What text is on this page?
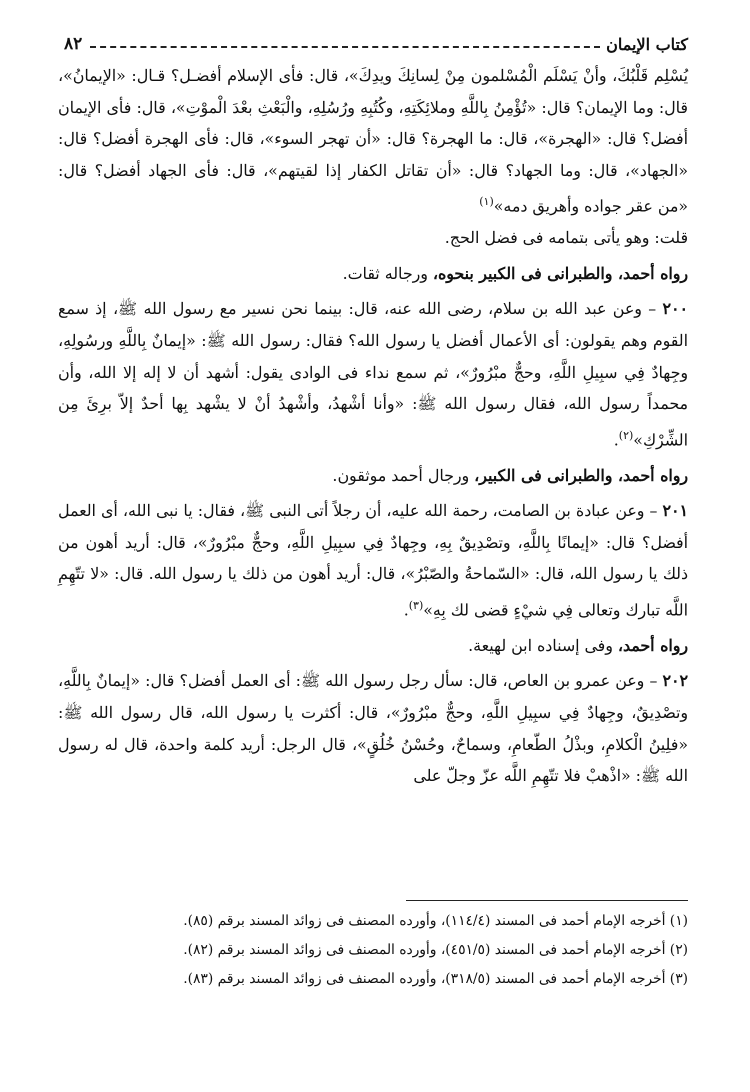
كتاب الإيمان
٨٢

يُسْلِم قَلْبُكَ، وأنْ يَسْلَم الْمُسْلمون مِنْ لِسانِكَ ويدِكَ»، قال: فأى الإسلام أفضـل؟ قـال: «الإيمانُ»، قال: وما الإيمان؟ قال: «تُؤْمِنُ بِاللَّهِ وملائِكَتِهِ، وكُتُبِهِ ورُسُلِهِ، والْبَعْثِ بعْدَ الْموْتِ»، قال: فأى الإيمان أفضل؟ قال: «الهجرة»، قال: ما الهجرة؟ قال: «أن تهجر السوء»، قال: فأى الهجرة أفضل؟ قال: «الجهاد»، قال: وما الجهاد؟ قال: «أن تقاتل الكفار إذا لقيتهم»، قال: فأى الجهاد أفضل؟ قال: «من عقر جواده وأهريق دمه»$^{(١)}$

قلت: وهو يأتى بتمامه فى فضل الحج.

رواه أحمد، والطبرانى فى الكبير بنحوه، ورجاله ثقات.

٢٠٠ – وعن عبد الله بن سلام، رضى الله عنه، قال: بينما نحن نسير مع رسول الله ﷺ، إذ سمع القوم وهم يقولون: أى الأعمال أفضل يا رسول الله؟ فقال: رسول الله ﷺ: «إيمانٌ بِاللَّهِ ورسُولِهِ، وجِهادٌ فِي سبِيلِ اللَّهِ، وحجٌّ مبْرُورٌ»، ثم سمع نداء فى الوادى يقول: أشهد أن لا إله إلا الله، وأن محمداً رسول الله، فقال رسول الله ﷺ: «وأنا أشْهدُ، وأشْهدُ أنْ لا يشْهد بِها أحدٌ إلاّ برِئَ مِن الشِّرْكِ»$^{(٢)}$.

رواه أحمد، والطبرانى فى الكبير، ورجال أحمد موثقون.

٢٠١ – وعن عبادة بن الصامت، رحمة الله عليه، أن رجلاً أتى النبى ﷺ، فقال: يا نبى الله، أى العمل أفضل؟ قال: «إيمانًا بِاللَّهِ، وتصْدِيقٌ بِهِ، وجِهادٌ فِي سبِيلِ اللَّهِ، وحجٌّ مبْرُورٌ»، قال: أريد أهون من ذلك يا رسول الله، قال: «السّماحةُ والصّبْرُ»، قال: أريد أهون من ذلك يا رسول الله. قال: «لا تتّهِمِ اللَّه تبارك وتعالى فِي شيْءٍ قضى لك بِهِ»$^{(٣)}$.

رواه أحمد، وفى إسناده ابن لهيعة.

٢٠٢ – وعن عمرو بن العاص، قال: سأل رجل رسول الله ﷺ: أى العمل أفضل؟ قال: «إيمانٌ بِاللَّهِ، وتصْدِيقٌ، وجِهادٌ فِي سبِيلِ اللَّهِ، وحجٌّ مبْرُورٌ»، قال: أكثرت يا رسول الله، قال رسول الله ﷺ: «فلِينُ الْكلامِ، وبذْلُ الطّعامِ، وسماحٌ، وحُسْنُ خُلُقٍ»، قال الرجل: أريد كلمة واحدة، قال له رسول الله ﷺ: «اذْهبْ فلا تتّهِمِ اللَّه عزّ وجلّ على

(١) أخرجه الإمام أحمد فى المسند (١١٤/٤)، وأورده المصنف فى زوائد المسند برقم (٨٥).

(٢) أخرجه الإمام أحمد فى المسند (٤٥١/٥)، وأورده المصنف فى زوائد المسند برقم (٨٢).

(٣) أخرجه الإمام أحمد فى المسند (٣١٨/٥)، وأورده المصنف فى زوائد المسند برقم (٨٣).
